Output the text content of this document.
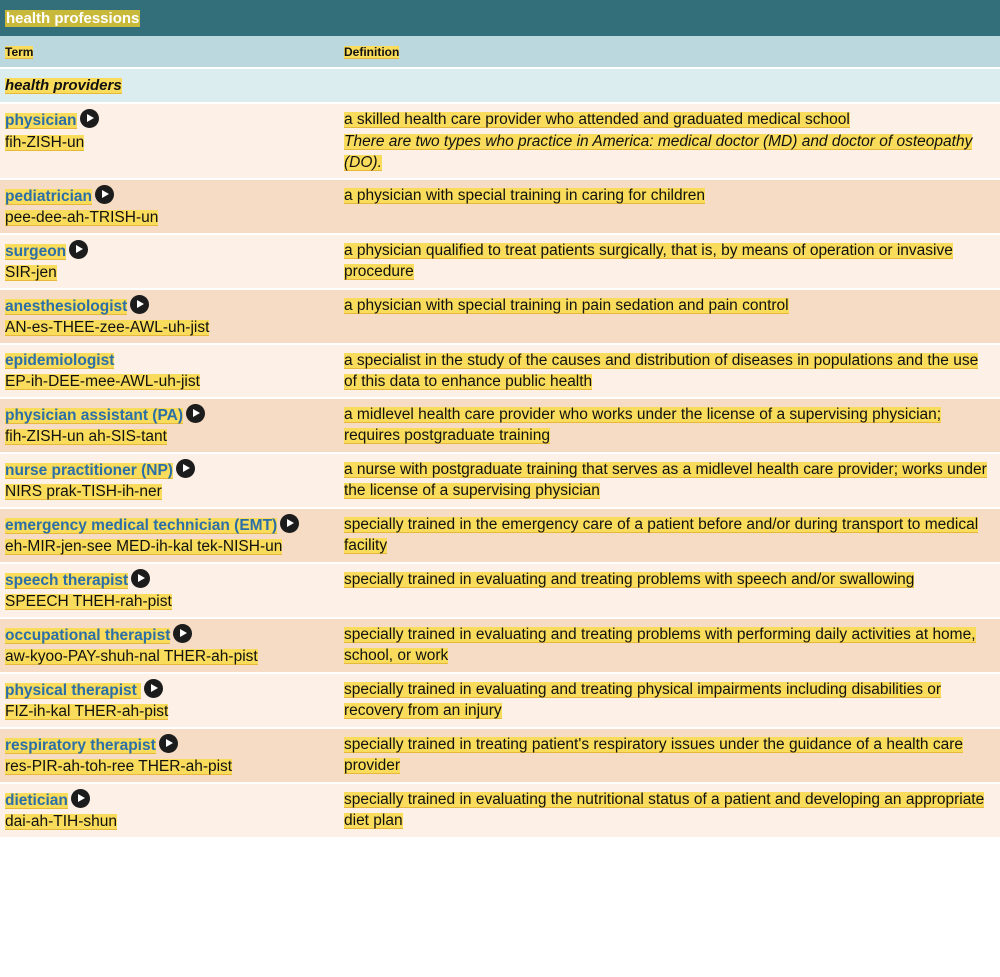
health professions
Term	Definition
health providers	
physician
fih-ZISH-un	a skilled health care provider who attended and graduated medical school
There are two types who practice in America: medical doctor (MD) and doctor of osteopathy (DO).
pediatrician
pee-dee-ah-TRISH-un	a physician with special training in caring for children
surgeon
SIR-jen	a physician qualified to treat patients surgically, that is, by means of operation or invasive procedure
anesthesiologist
AN-es-THEE-zee-AWL-uh-jist	a physician with special training in pain sedation and pain control
epidemiologist
EP-ih-DEE-mee-AWL-uh-jist	a specialist in the study of the causes and distribution of diseases in populations and the use of this data to enhance public health
physician assistant (PA)
fih-ZISH-un ah-SIS-tant	a midlevel health care provider who works under the license of a supervising physician; requires postgraduate training
nurse practitioner (NP)
NIRS prak-TISH-ih-ner	a nurse with postgraduate training that serves as a midlevel health care provider; works under the license of a supervising physician
emergency medical technician (EMT)
eh-MIR-jen-see MED-ih-kal tek-NISH-un	specially trained in the emergency care of a patient before and/or during transport to medical facility
speech therapist
SPEECH THEH-rah-pist	specially trained in evaluating and treating problems with speech and/or swallowing
occupational therapist
aw-kyoo-PAY-shuh-nal THER-ah-pist	specially trained in evaluating and treating problems with performing daily activities at home, school, or work
physical therapist
FIZ-ih-kal THER-ah-pist	specially trained in evaluating and treating physical impairments including disabilities or recovery from an injury
respiratory therapist
res-PIR-ah-toh-ree THER-ah-pist	specially trained in treating patient's respiratory issues under the guidance of a health care provider
dietician
dai-ah-TIH-shun	specially trained in evaluating the nutritional status of a patient and developing an appropriate diet plan
